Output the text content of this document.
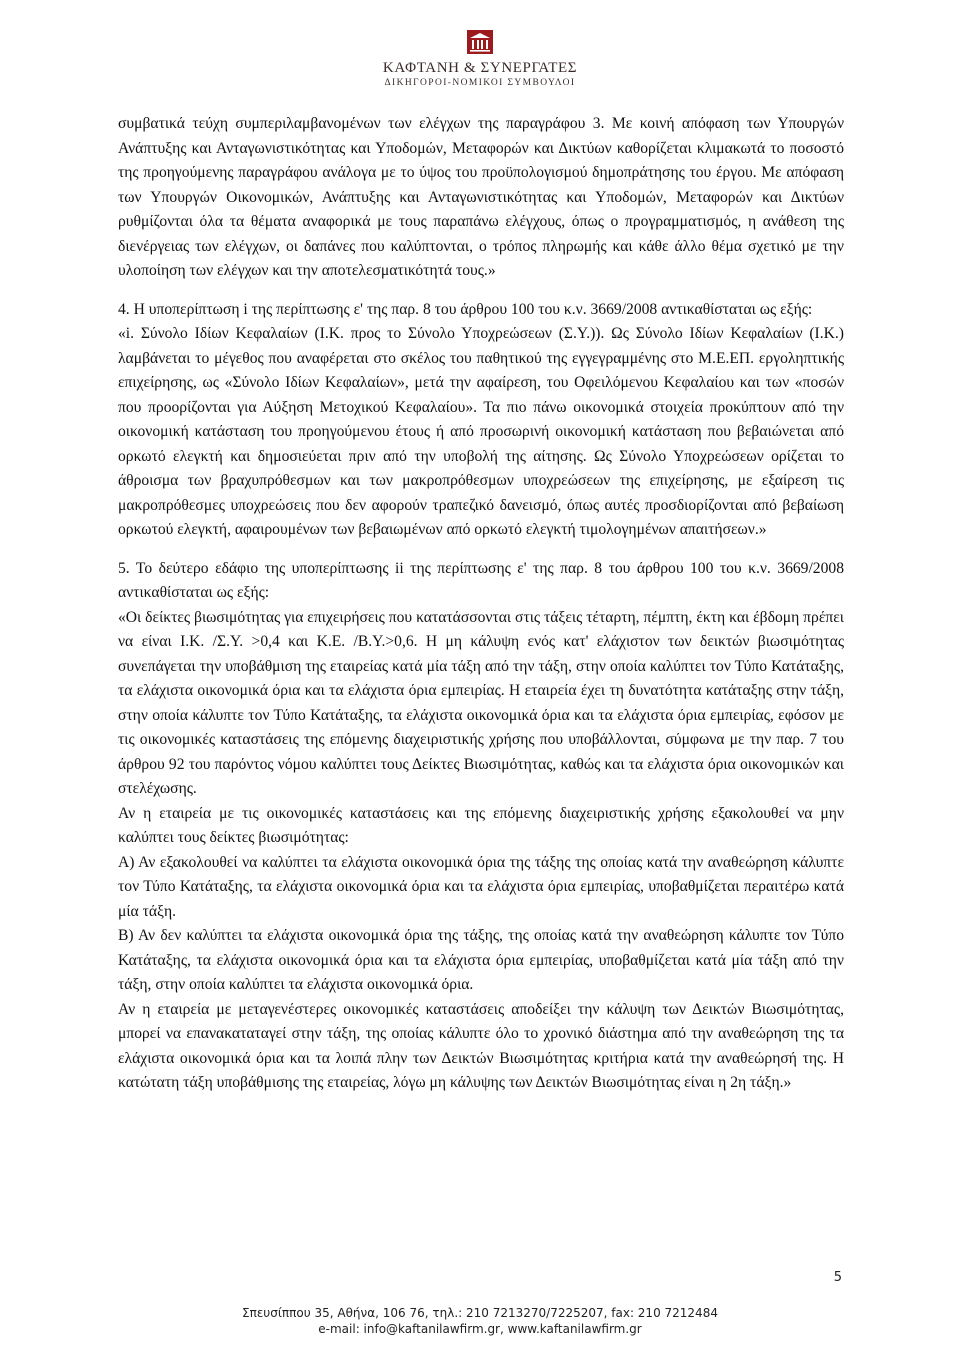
ΚΑΦΤΑΝΗ & ΣΥΝΕΡΓΑΤΕΣ
ΔΙΚΗΓΟΡΟΙ-ΝΟΜΙΚΟΙ ΣΥΜΒΟΥΛΟΙ

συμβατικά τεύχη συμπεριλαμβανομένων των ελέγχων της παραγράφου 3. Με κοινή απόφαση των Υπουργών Ανάπτυξης και Ανταγωνιστικότητας και Υποδομών, Μεταφορών και Δικτύων καθορίζεται κλιμακωτά το ποσοστό της προηγούμενης παραγράφου ανάλογα με το ύψος του προϋπολογισμού δημοπράτησης του έργου. Με απόφαση των Υπουργών Οικονομικών, Ανάπτυξης και Ανταγωνιστικότητας και Υποδομών, Μεταφορών και Δικτύων ρυθμίζονται όλα τα θέματα αναφορικά με τους παραπάνω ελέγχους, όπως ο προγραμματισμός, η ανάθεση της διενέργειας των ελέγχων, οι δαπάνες που καλύπτονται, ο τρόπος πληρωμής και κάθε άλλο θέμα σχετικό με την υλοποίηση των ελέγχων και την αποτελεσματικότητά τους.»

4. Η υποπερίπτωση i της περίπτωσης ε' της παρ. 8 του άρθρου 100 του κ.ν. 3669/2008 αντικαθίσταται ως εξής:

«i. Σύνολο Ιδίων Κεφαλαίων (Ι.Κ. προς το Σύνολο Υποχρεώσεων (Σ.Υ.)). Ως Σύνολο Ιδίων Κεφαλαίων (Ι.Κ.) λαμβάνεται το μέγεθος που αναφέρεται στο σκέλος του παθητικού της εγγεγραμμένης στο Μ.Ε.ΕΠ. εργοληπτικής επιχείρησης, ως «Σύνολο Ιδίων Κεφαλαίων», μετά την αφαίρεση, του Οφειλόμενου Κεφαλαίου και των «ποσών που προορίζονται για Αύξηση Μετοχικού Κεφαλαίου». Τα πιο πάνω οικονομικά στοιχεία προκύπτουν από την οικονομική κατάσταση του προηγούμενου έτους ή από προσωρινή οικονομική κατάσταση που βεβαιώνεται από ορκωτό ελεγκτή και δημοσιεύεται πριν από την υποβολή της αίτησης. Ως Σύνολο Υποχρεώσεων ορίζεται το άθροισμα των βραχυπρόθεσμων και των μακροπρόθεσμων υποχρεώσεων της επιχείρησης, με εξαίρεση τις μακροπρόθεσμες υποχρεώσεις που δεν αφορούν τραπεζικό δανεισμό, όπως αυτές προσδιορίζονται από βεβαίωση ορκωτού ελεγκτή, αφαιρουμένων των βεβαιωμένων από ορκωτό ελεγκτή τιμολογημένων απαιτήσεων.»

5. Το δεύτερο εδάφιο της υποπερίπτωσης ii της περίπτωσης ε' της παρ. 8 του άρθρου 100 του κ.ν. 3669/2008 αντικαθίσταται ως εξής:

«Οι δείκτες βιωσιμότητας για επιχειρήσεις που κατατάσσονται στις τάξεις τέταρτη, πέμπτη, έκτη και έβδομη πρέπει να είναι Ι.Κ. /Σ.Υ. >0,4 και Κ.Ε. /Β.Υ.>0,6. Η μη κάλυψη ενός κατ' ελάχιστον των δεικτών βιωσιμότητας συνεπάγεται την υποβάθμιση της εταιρείας κατά μία τάξη από την τάξη, στην οποία καλύπτει τον Τύπο Κατάταξης, τα ελάχιστα οικονομικά όρια και τα ελάχιστα όρια εμπειρίας. Η εταιρεία έχει τη δυνατότητα κατάταξης στην τάξη, στην οποία κάλυπτε τον Τύπο Κατάταξης, τα ελάχιστα οικονομικά όρια και τα ελάχιστα όρια εμπειρίας, εφόσον με τις οικονομικές καταστάσεις της επόμενης διαχειριστικής χρήσης που υποβάλλονται, σύμφωνα με την παρ. 7 του άρθρου 92 του παρόντος νόμου καλύπτει τους Δείκτες Βιωσιμότητας, καθώς και τα ελάχιστα όρια οικονομικών και στελέχωσης.

Αν η εταιρεία με τις οικονομικές καταστάσεις και της επόμενης διαχειριστικής χρήσης εξακολουθεί να μην καλύπτει τους δείκτες βιωσιμότητας:

Α) Αν εξακολουθεί να καλύπτει τα ελάχιστα οικονομικά όρια της τάξης της οποίας κατά την αναθεώρηση κάλυπτε τον Τύπο Κατάταξης, τα ελάχιστα οικονομικά όρια και τα ελάχιστα όρια εμπειρίας, υποβαθμίζεται περαιτέρω κατά μία τάξη.

Β) Αν δεν καλύπτει τα ελάχιστα οικονομικά όρια της τάξης, της οποίας κατά την αναθεώρηση κάλυπτε τον Τύπο Κατάταξης, τα ελάχιστα οικονομικά όρια και τα ελάχιστα όρια εμπειρίας, υποβαθμίζεται κατά μία τάξη από την τάξη, στην οποία καλύπτει τα ελάχιστα οικονομικά όρια.

Αν η εταιρεία με μεταγενέστερες οικονομικές καταστάσεις αποδείξει την κάλυψη των Δεικτών Βιωσιμότητας, μπορεί να επανακαταταγεί στην τάξη, της οποίας κάλυπτε όλο το χρονικό διάστημα από την αναθεώρηση της τα ελάχιστα οικονομικά όρια και τα λοιπά πλην των Δεικτών Βιωσιμότητας κριτήρια κατά την αναθεώρησή της. Η κατώτατη τάξη υποβάθμισης της εταιρείας, λόγω μη κάλυψης των Δεικτών Βιωσιμότητας είναι η 2η τάξη.»

5
Σπευσίππου 35, Αθήνα, 106 76, τηλ.: 210 7213270/7225207, fax: 210 7212484
e-mail: info@kaftanilawfirm.gr, www.kaftanilawfirm.gr
